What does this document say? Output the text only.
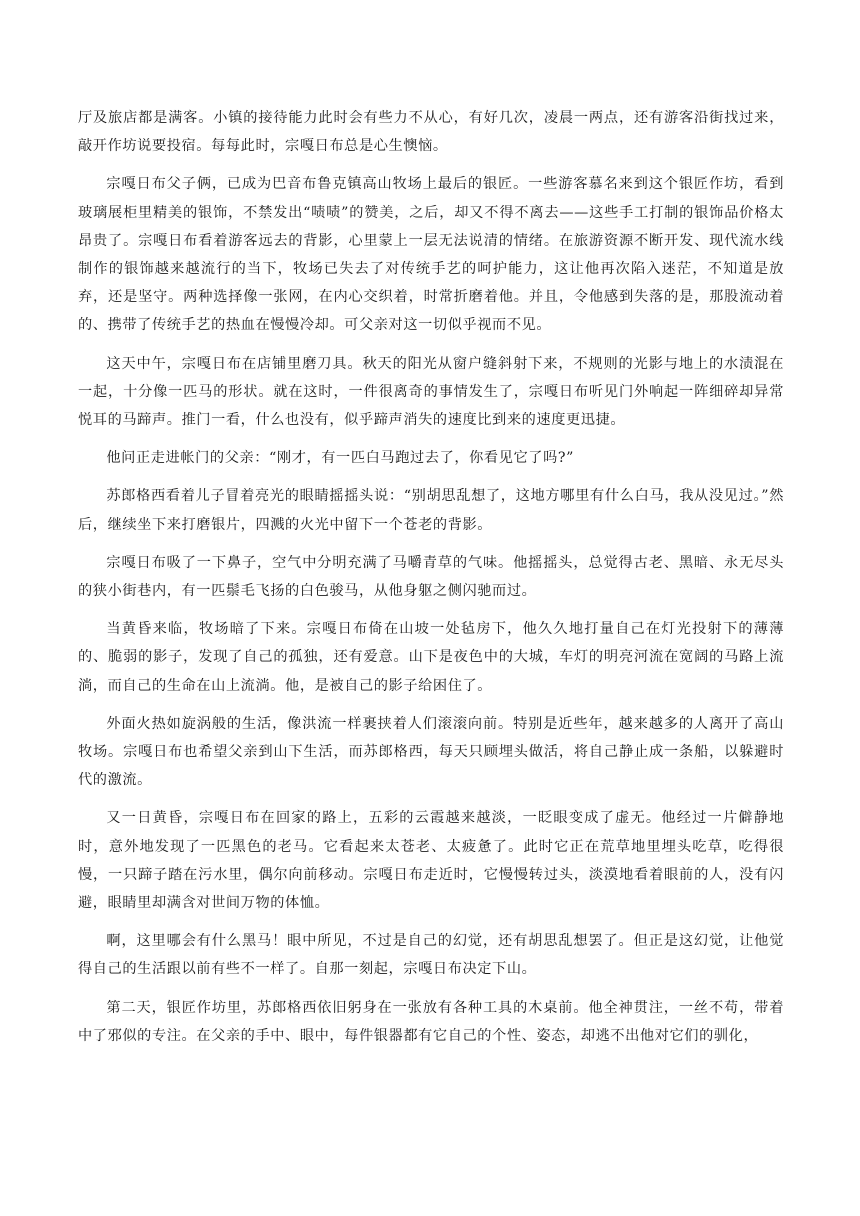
厅及旅店都是满客。小镇的接待能力此时会有些力不从心，有好几次，凌晨一两点，还有游客沿街找过来，敲开作坊说要投宿。每每此时，宗嘎日布总是心生懊恼。

宗嘎日布父子俩，已成为巴音布鲁克镇高山牧场上最后的银匠。一些游客慕名来到这个银匠作坊，看到玻璃展柜里精美的银饰，不禁发出“啧啧”的赞美，之后，却又不得不离去——这些手工打制的银饰品价格太昂贵了。宗嘎日布看着游客远去的背影，心里蒙上一层无法说清的情绪。在旅游资源不断开发、现代流水线制作的银饰越来越流行的当下，牧场已失去了对传统手艺的呵护能力，这让他再次陷入迷茫，不知道是放弃，还是坚守。两种选择像一张网，在内心交织着，时常折磨着他。并且，令他感到失落的是，那股流动着的、携带了传统手艺的热血在慢慢冷却。可父亲对这一切似乎视而不见。

这天中午，宗嘎日布在店铺里磨刀具。秋天的阳光从窗户缝斜射下来，不规则的光影与地上的水渍混在一起，十分像一匹马的形状。就在这时，一件很离奇的事情发生了，宗嘎日布听见门外响起一阵细碎却异常悦耳的马蹄声。推门一看，什么也没有，似乎蹄声消失的速度比到来的速度更迅捷。

他问正走进帐门的父亲：“刚才，有一匹白马跑过去了，你看见它了吗?”

苏郎格西看着儿子冒着亮光的眼睛摇摇头说：“别胡思乱想了，这地方哪里有什么白马，我从没见过。”然后，继续坐下来打磨银片，四溅的火光中留下一个苍老的背影。

宗嘎日布吸了一下鼻子，空气中分明充满了马嚼青草的气味。他摇摇头，总觉得古老、黑暗、永无尽头的狭小街巷内，有一匹鬃毛飞扬的白色骏马，从他身躯之侧闪驰而过。

当黄昏来临，牧场暗了下来。宗嘎日布倚在山坡一处毡房下，他久久地打量自己在灯光投射下的薄薄的、脆弱的影子，发现了自己的孤独，还有爱意。山下是夜色中的大城，车灯的明亮河流在宽阔的马路上流淌，而自己的生命在山上流淌。他，是被自己的影子给困住了。

外面火热如旋涡般的生活，像洪流一样裹挟着人们滚滚向前。特别是近些年，越来越多的人离开了高山牧场。宗嘎日布也希望父亲到山下生活，而苏郎格西，每天只顾埋头做活，将自己静止成一条船，以躲避时代的激流。

又一日黄昏，宗嘎日布在回家的路上，五彩的云霞越来越淡，一眨眼变成了虚无。他经过一片僻静地时，意外地发现了一匹黑色的老马。它看起来太苍老、太疲惫了。此时它正在荒草地里埋头吃草，吃得很慢，一只蹄子踏在污水里，偶尔向前移动。宗嘎日布走近时，它慢慢转过头，淡漠地看着眼前的人，没有闪避，眼睛里却满含对世间万物的体恤。

啊，这里哪会有什么黑马！眼中所见，不过是自己的幻觉，还有胡思乱想罢了。但正是这幻觉，让他觉得自己的生活跟以前有些不一样了。自那一刻起，宗嘎日布决定下山。

第二天，银匠作坊里，苏郎格西依旧躬身在一张放有各种工具的木桌前。他全神贯注，一丝不苟，带着中了邪似的专注。在父亲的手中、眼中，每件银器都有它自己的个性、姿态，却逃不出他对它们的驯化，
